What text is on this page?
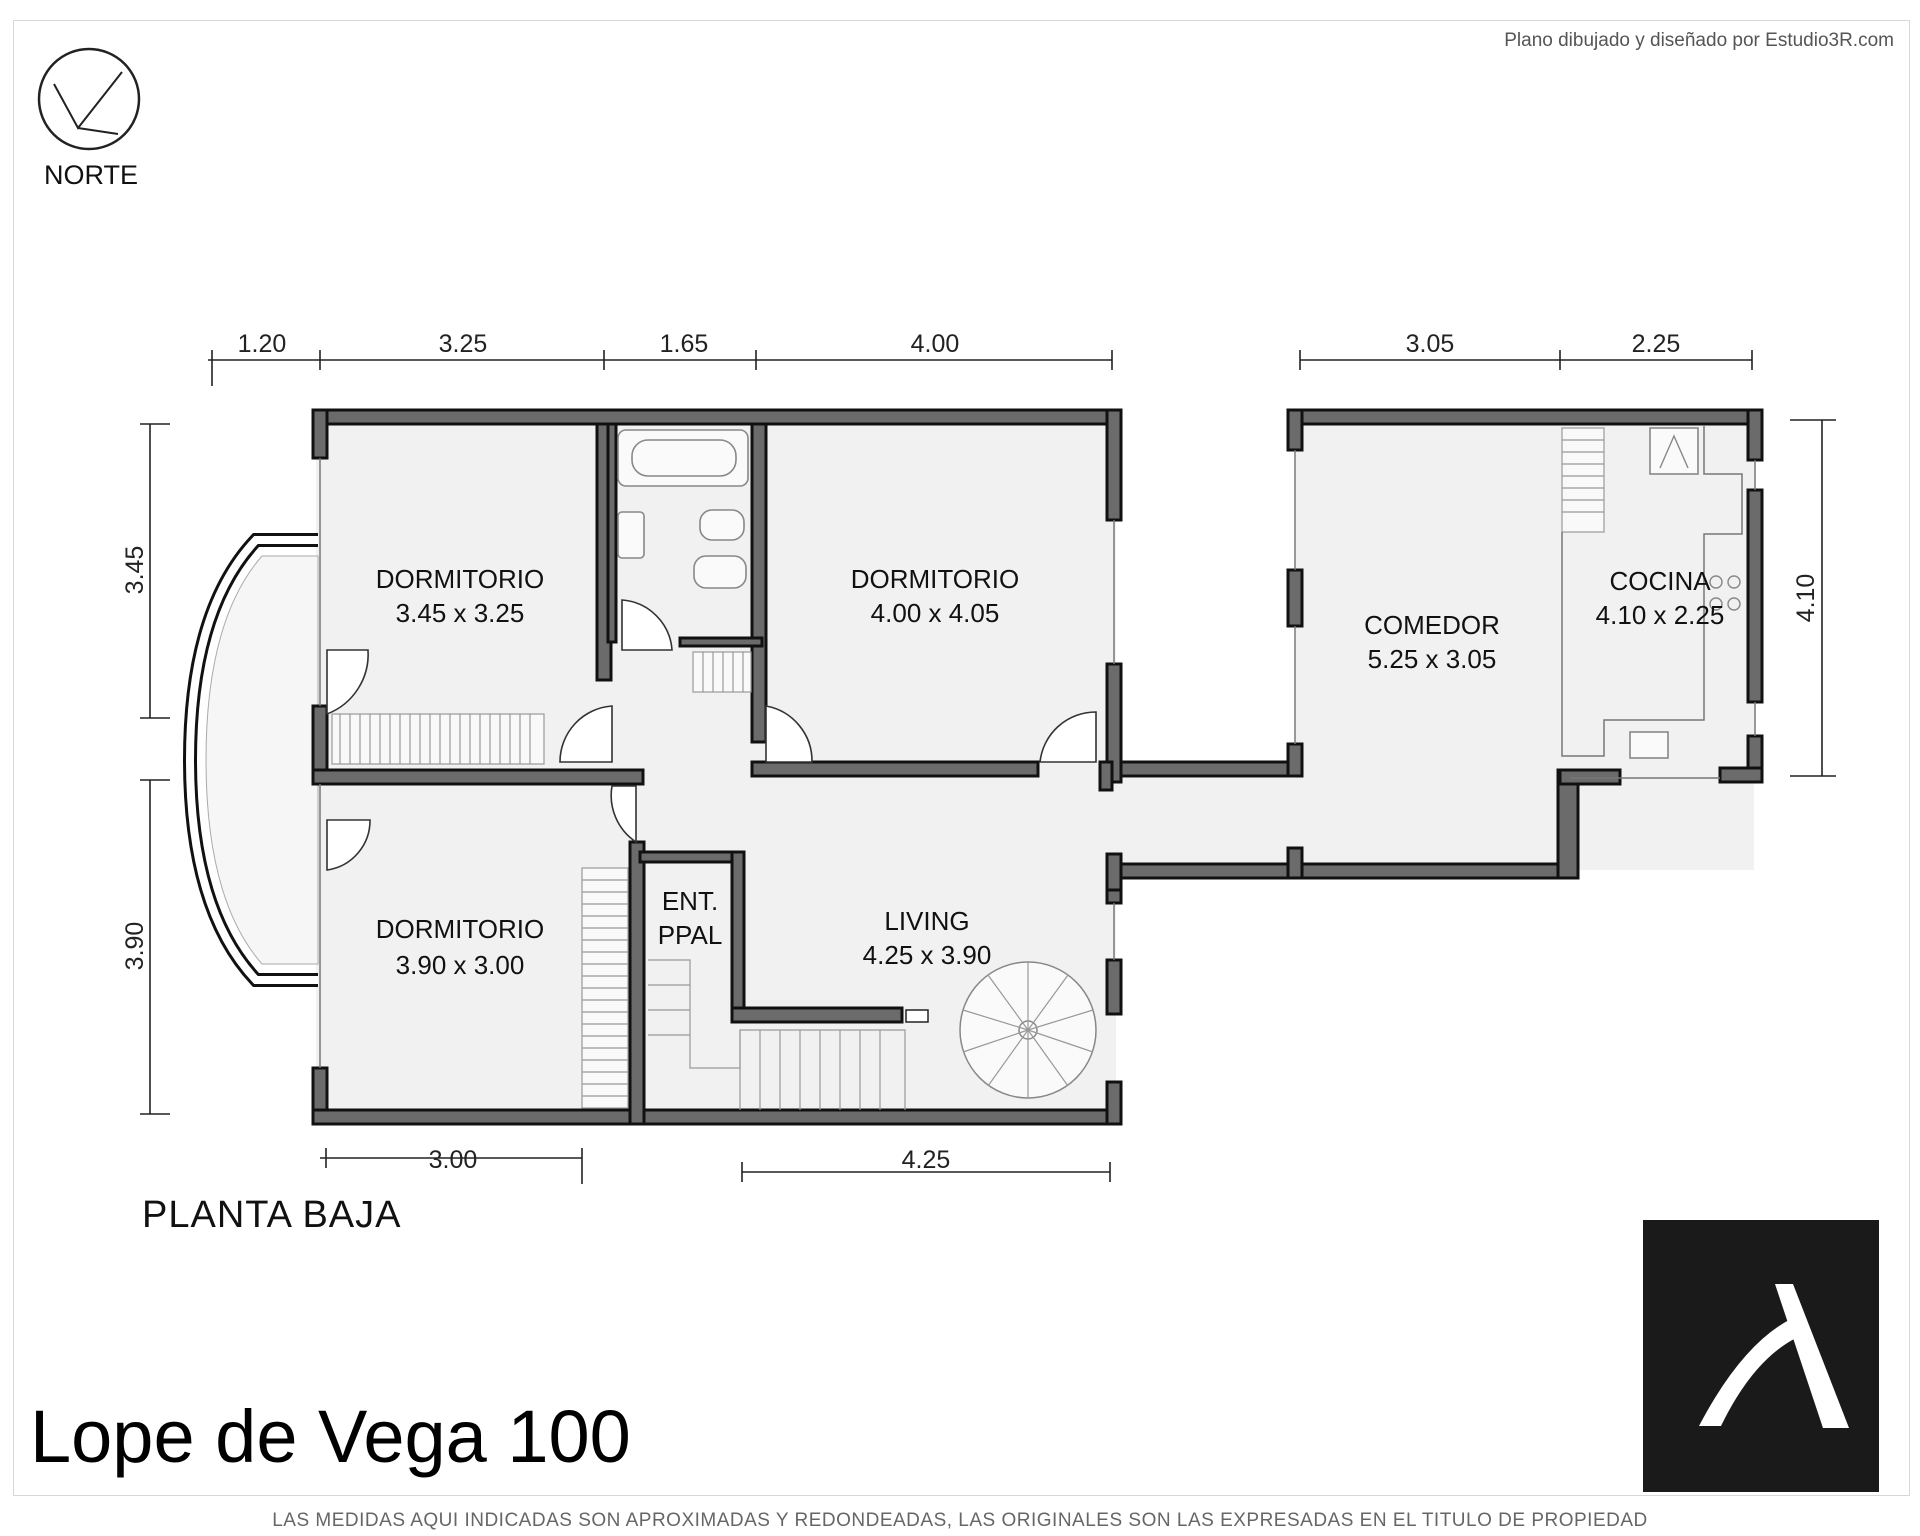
Plano dibujado y diseñado por Estudio3R.com
NORTE
DORMITORIO
3.45 x 3.25
DORMITORIO
4.00 x 4.05
DORMITORIO
3.90 x 3.00
LIVING
4.25 x 3.90
COMEDOR
5.25 x 3.05
COCINA
4.10 x 2.25
ENT.
PPAL
1.20	3.25	1.65	4.00	3.05	2.25
3.00	4.25
3.45
3.90
4.10
PLANTA BAJA
Lope de Vega 100
LAS MEDIDAS AQUI INDICADAS SON APROXIMADAS Y REDONDEADAS, LAS ORIGINALES SON LAS EXPRESADAS EN EL TITULO DE PROPIEDAD
